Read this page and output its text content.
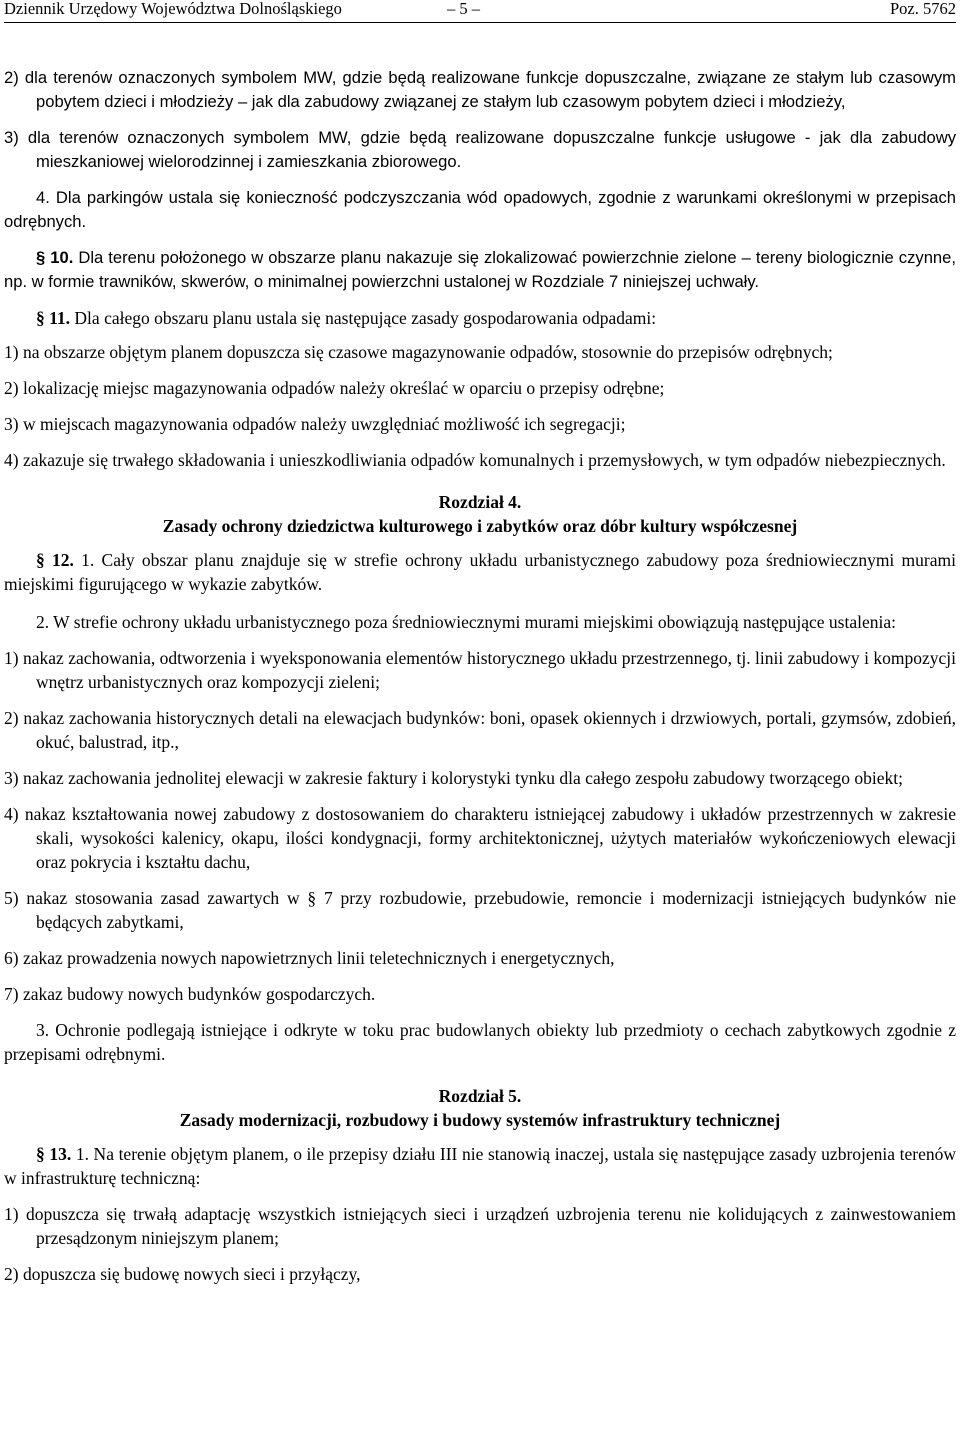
Dziennik Urzędowy Województwa Dolnośląskiego	– 5 –	Poz. 5762

2) dla terenów oznaczonych symbolem MW, gdzie będą realizowane funkcje dopuszczalne, związane ze stałym lub czasowym pobytem dzieci i młodzieży – jak dla zabudowy związanej ze stałym lub czasowym pobytem dzieci i młodzieży,

3) dla terenów oznaczonych symbolem MW, gdzie będą realizowane dopuszczalne funkcje usługowe - jak dla zabudowy mieszkaniowej wielorodzinnej i zamieszkania zbiorowego.

4. Dla parkingów ustala się konieczność podczyszczania wód opadowych, zgodnie z warunkami określonymi w przepisach odrębnych.

§ 10. Dla terenu położonego w obszarze planu nakazuje się zlokalizować powierzchnie zielone – tereny biologicznie czynne, np. w formie trawników, skwerów, o minimalnej powierzchni ustalonej w Rozdziale 7 niniejszej uchwały.

§ 11. Dla całego obszaru planu ustala się następujące zasady gospodarowania odpadami:

1) na obszarze objętym planem dopuszcza się czasowe magazynowanie odpadów, stosownie do przepisów odrębnych;

2) lokalizację miejsc magazynowania odpadów należy określać w oparciu o przepisy odrębne;

3) w miejscach magazynowania odpadów należy uwzględniać możliwość ich segregacji;

4) zakazuje się trwałego składowania i unieszkodliwiania odpadów komunalnych i przemysłowych, w tym odpadów niebezpiecznych.

Rozdział 4.

Zasady ochrony dziedzictwa kulturowego i zabytków oraz dóbr kultury współczesnej

§ 12. 1. Cały obszar planu znajduje się w strefie ochrony układu urbanistycznego zabudowy poza średniowiecznymi murami miejskimi figurującego w wykazie zabytków.

2. W strefie ochrony układu urbanistycznego poza średniowiecznymi murami miejskimi obowiązują następujące ustalenia:

1) nakaz zachowania, odtworzenia i wyeksponowania elementów historycznego układu przestrzennego, tj. linii zabudowy i kompozycji wnętrz urbanistycznych oraz kompozycji zieleni;

2) nakaz zachowania historycznych detali na elewacjach budynków: boni, opasek okiennych i drzwiowych, portali, gzymsów, zdobień, okuć, balustrad, itp.,

3) nakaz zachowania jednolitej elewacji w zakresie faktury i kolorystyki tynku dla całego zespołu zabudowy tworzącego obiekt;

4) nakaz kształtowania nowej zabudowy z dostosowaniem do charakteru istniejącej zabudowy i układów przestrzennych w zakresie skali, wysokości kalenicy, okapu, ilości kondygnacji, formy architektonicznej, użytych materiałów wykończeniowych elewacji oraz pokrycia i kształtu dachu,

5) nakaz stosowania zasad zawartych w § 7 przy rozbudowie, przebudowie, remoncie i modernizacji istniejących budynków nie będących zabytkami,

6) zakaz prowadzenia nowych napowietrznych linii teletechnicznych i energetycznych,

7) zakaz budowy nowych budynków gospodarczych.

3. Ochronie podlegają istniejące i odkryte w toku prac budowlanych obiekty lub przedmioty o cechach zabytkowych zgodnie z przepisami odrębnymi.

Rozdział 5.

Zasady modernizacji, rozbudowy i budowy systemów infrastruktury technicznej

§ 13. 1. Na terenie objętym planem, o ile przepisy działu III nie stanowią inaczej, ustala się następujące zasady uzbrojenia terenów w infrastrukturę techniczną:

1) dopuszcza się trwałą adaptację wszystkich istniejących sieci i urządzeń uzbrojenia terenu nie kolidujących z zainwestowaniem przesądzonym niniejszym planem;

2) dopuszcza się budowę nowych sieci i przyłączy,
